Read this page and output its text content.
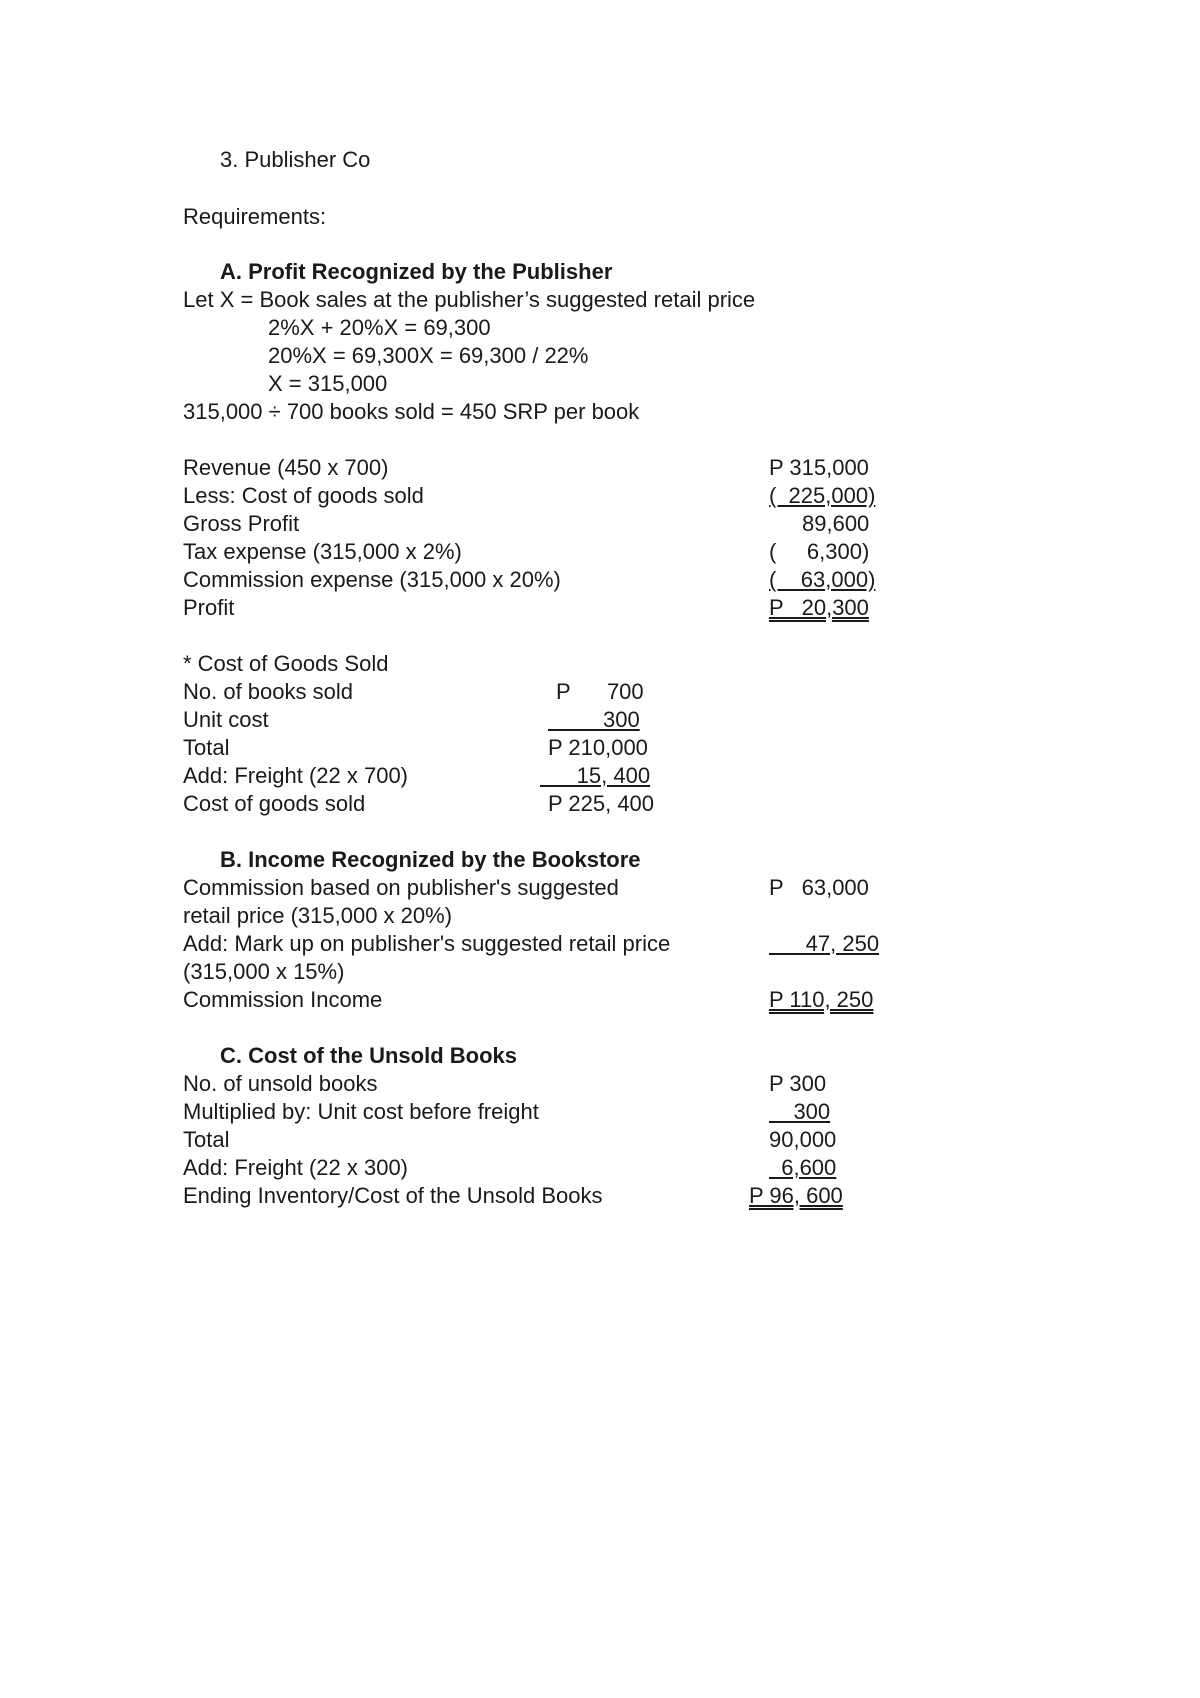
3. Publisher Co
Requirements:
A. Profit Recognized by the Publisher
Let X = Book sales at the publisher’s suggested retail price
2%X + 20%X = 69,300
20%X = 69,300X = 69,300 / 22%
X = 315,000
315,000 ÷ 700 books sold = 450 SRP per book
Revenue (450 x 700)	P 315,000
Less: Cost of goods sold	(  225,000)
Gross Profit	89,600
Tax expense (315,000 x 2%)	(     6,300)
Commission expense (315,000 x 20%)	(    63,000)
Profit	P   20,300
* Cost of Goods Sold
No. of books sold	P      700
Unit cost	300
Total	P 210,000
Add: Freight (22 x 700)	15, 400
Cost of goods sold	P 225, 400
B. Income Recognized by the Bookstore
Commission based on publisher's suggested	P   63,000
retail price (315,000 x 20%)
Add: Mark up on publisher's suggested retail price	47, 250
(315,000 x 15%)
Commission Income	P 110, 250
C. Cost of the Unsold Books
No. of unsold books	P 300
Multiplied by: Unit cost before freight	300
Total	90,000
Add: Freight (22 x 300)	6,600
Ending Inventory/Cost of the Unsold Books	P 96, 600
